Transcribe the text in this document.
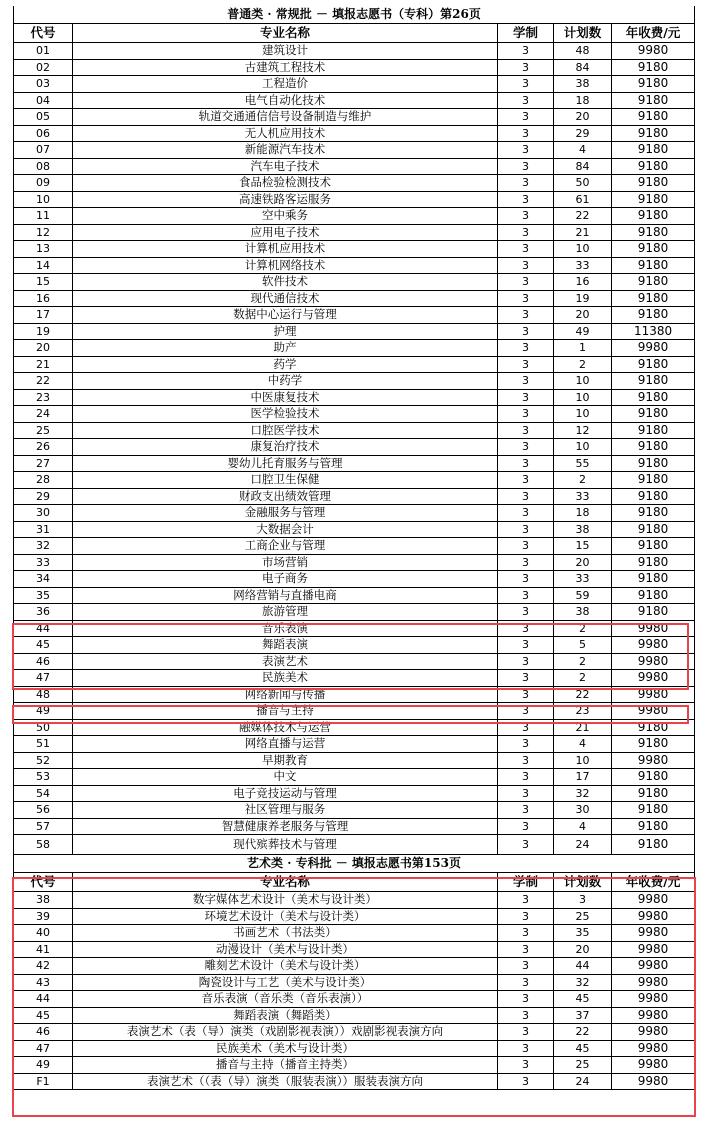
普通类 · 常规批 － 填报志愿书（专科）第26页				
代号	专业名称	学制	计划数	年收费/元
01	建筑设计	3	48	9980
02	古建筑工程技术	3	84	9180
03	工程造价	3	38	9180
04	电气自动化技术	3	18	9180
05	轨道交通通信信号设备制造与维护	3	20	9180
06	无人机应用技术	3	29	9180
07	新能源汽车技术	3	4	9180
08	汽车电子技术	3	84	9180
09	食品检验检测技术	3	50	9180
10	高速铁路客运服务	3	61	9180
11	空中乘务	3	22	9180
12	应用电子技术	3	21	9180
13	计算机应用技术	3	10	9180
14	计算机网络技术	3	33	9180
15	软件技术	3	16	9180
16	现代通信技术	3	19	9180
17	数据中心运行与管理	3	20	9180
19	护理	3	49	11380
20	助产	3	1	9980
21	药学	3	2	9180
22	中药学	3	10	9180
23	中医康复技术	3	10	9180
24	医学检验技术	3	10	9180
25	口腔医学技术	3	12	9180
26	康复治疗技术	3	10	9180
27	婴幼儿托育服务与管理	3	55	9180
28	口腔卫生保健	3	2	9180
29	财政支出绩效管理	3	33	9180
30	金融服务与管理	3	18	9180
31	大数据会计	3	38	9180
32	工商企业与管理	3	15	9180
33	市场营销	3	20	9180
34	电子商务	3	33	9180
35	网络营销与直播电商	3	59	9180
36	旅游管理	3	38	9180
44	音乐表演	3	2	9980
45	舞蹈表演	3	5	9980
46	表演艺术	3	2	9980
47	民族美术	3	2	9980
48	网络新闻与传播	3	22	9980
49	播音与主持	3	23	9980
50	融媒体技术与运营	3	21	9180
51	网络直播与运营	3	4	9180
52	早期教育	3	10	9980
53	中文	3	17	9180
54	电子竞技运动与管理	3	32	9180
56	社区管理与服务	3	30	9180
57	智慧健康养老服务与管理	3	4	9180
58	现代殡葬技术与管理	3	24	9180
艺术类 · 专科批 － 填报志愿书第153页				
代号	专业名称	学制	计划数	年收费/元
38	数字媒体艺术设计（美术与设计类）	3	3	9980
39	环境艺术设计（美术与设计类）	3	25	9980
40	书画艺术（书法类）	3	35	9980
41	动漫设计（美术与设计类）	3	20	9980
42	雕刻艺术设计（美术与设计类）	3	44	9980
43	陶瓷设计与工艺（美术与设计类）	3	32	9980
44	音乐表演（音乐类（音乐表演））	3	45	9980
45	舞蹈表演（舞蹈类）	3	37	9980
46	表演艺术（表（导）演类（戏剧影视表演））戏剧影视表演方向	3	22	9980
47	民族美术（美术与设计类）	3	45	9980
49	播音与主持（播音主持类）	3	25	9980
F1	表演艺术（（表（导）演类（服装表演））服装表演方向	3	24	9980
